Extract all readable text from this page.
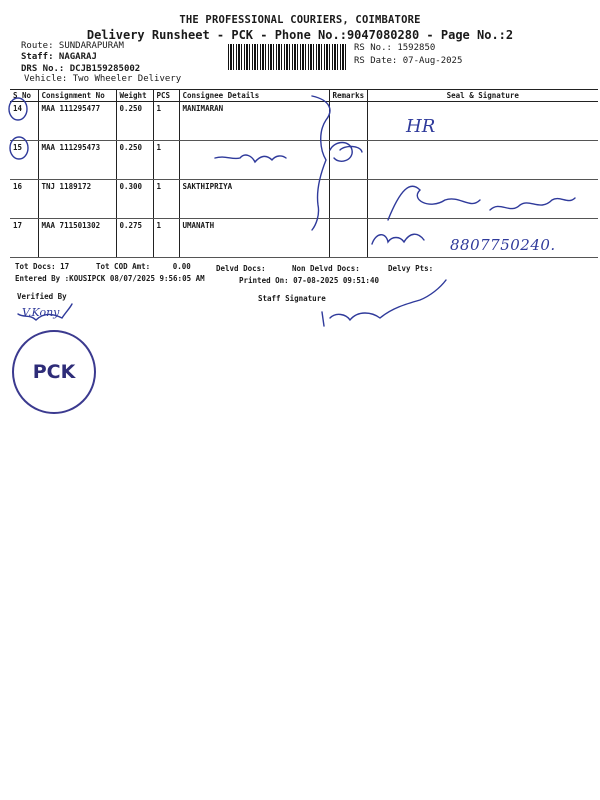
THE PROFESSIONAL COURIERS, COIMBATORE
Delivery Runsheet - PCK - Phone No.:9047080280 - Page No.:2
Route: SUNDARAPURAM
Staff: NAGARAJ
DRS No.: DCJB159285002
Vehicle: Two Wheeler Delivery
RS No.: 1592850
RS Date: 07-Aug-2025
S No	Consignment No	Weight	PCS	Consignee Details	Remarks	Seal & Signature
14	MAA 111295477	0.250	1	MANIMARAN		
15	MAA 111295473	0.250	1			
16	TNJ 1189172	0.300	1	SAKTHIPRIYA		
17	MAA 711501302	0.275	1	UMANATH		
Tot Docs: 17	Tot COD Amt:     0.00	Delvd Docs:	Non Delvd Docs:	Delvy Pts:
Entered By :KOUSIPCK 08/07/2025 9:56:05 AM	Printed On: 07-08-2025 09:51:40
Verified By	Staff Signature
HR
8807750240.
V.Kony
PCK
